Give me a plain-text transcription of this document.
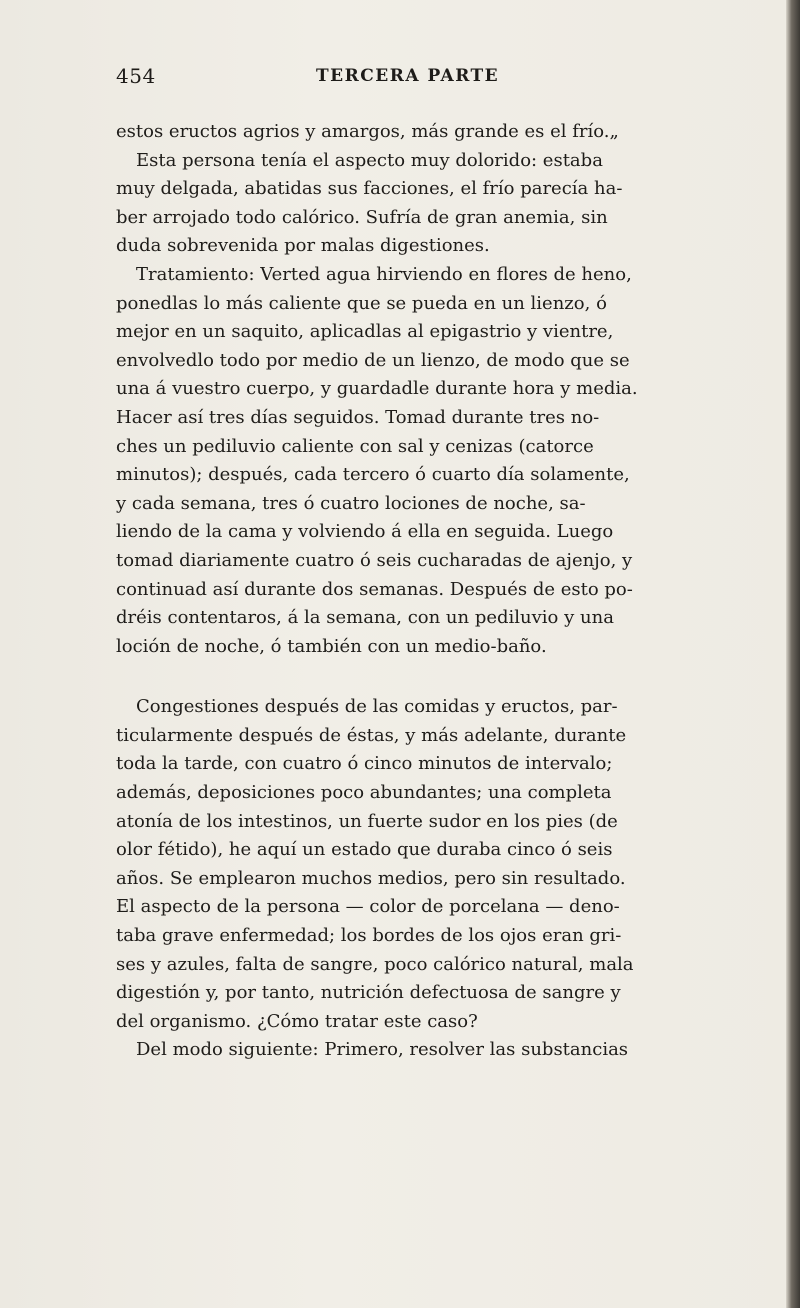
454	TERCERA PARTE
estos eructos agrios y amargos, más grande es el frío.„
Esta persona tenía el aspecto muy dolorido: estaba
muy delgada, abatidas sus facciones, el frío parecía ha-
ber arrojado todo calórico. Sufría de gran anemia, sin
duda sobrevenida por malas digestiones.
Tratamiento: Verted agua hirviendo en flores de heno,
ponedlas lo más caliente que se pueda en un lienzo, ó
mejor en un saquito, aplicadlas al epigastrio y vientre,
envolvedlo todo por medio de un lienzo, de modo que se
una á vuestro cuerpo, y guardadle durante hora y media.
Hacer así tres días seguidos. Tomad durante tres no-
ches un pediluvio caliente con sal y cenizas (catorce
minutos); después, cada tercero ó cuarto día solamente,
y cada semana, tres ó cuatro lociones de noche, sa-
liendo de la cama y volviendo á ella en seguida. Luego
tomad diariamente cuatro ó seis cucharadas de ajenjo, y
continuad así durante dos semanas. Después de esto po-
dréis contentaros, á la semana, con un pediluvio y una
loción de noche, ó también con un medio-baño.
Congestiones después de las comidas y eructos, par-
ticularmente después de éstas, y más adelante, durante
toda la tarde, con cuatro ó cinco minutos de intervalo;
además, deposiciones poco abundantes; una completa
atonía de los intestinos, un fuerte sudor en los pies (de
olor fétido), he aquí un estado que duraba cinco ó seis
años. Se emplearon muchos medios, pero sin resultado.
El aspecto de la persona — color de porcelana — deno-
taba grave enfermedad; los bordes de los ojos eran gri-
ses y azules, falta de sangre, poco calórico natural, mala
digestión y, por tanto, nutrición defectuosa de sangre y
del organismo. ¿Cómo tratar este caso?
Del modo siguiente: Primero, resolver las substancias
